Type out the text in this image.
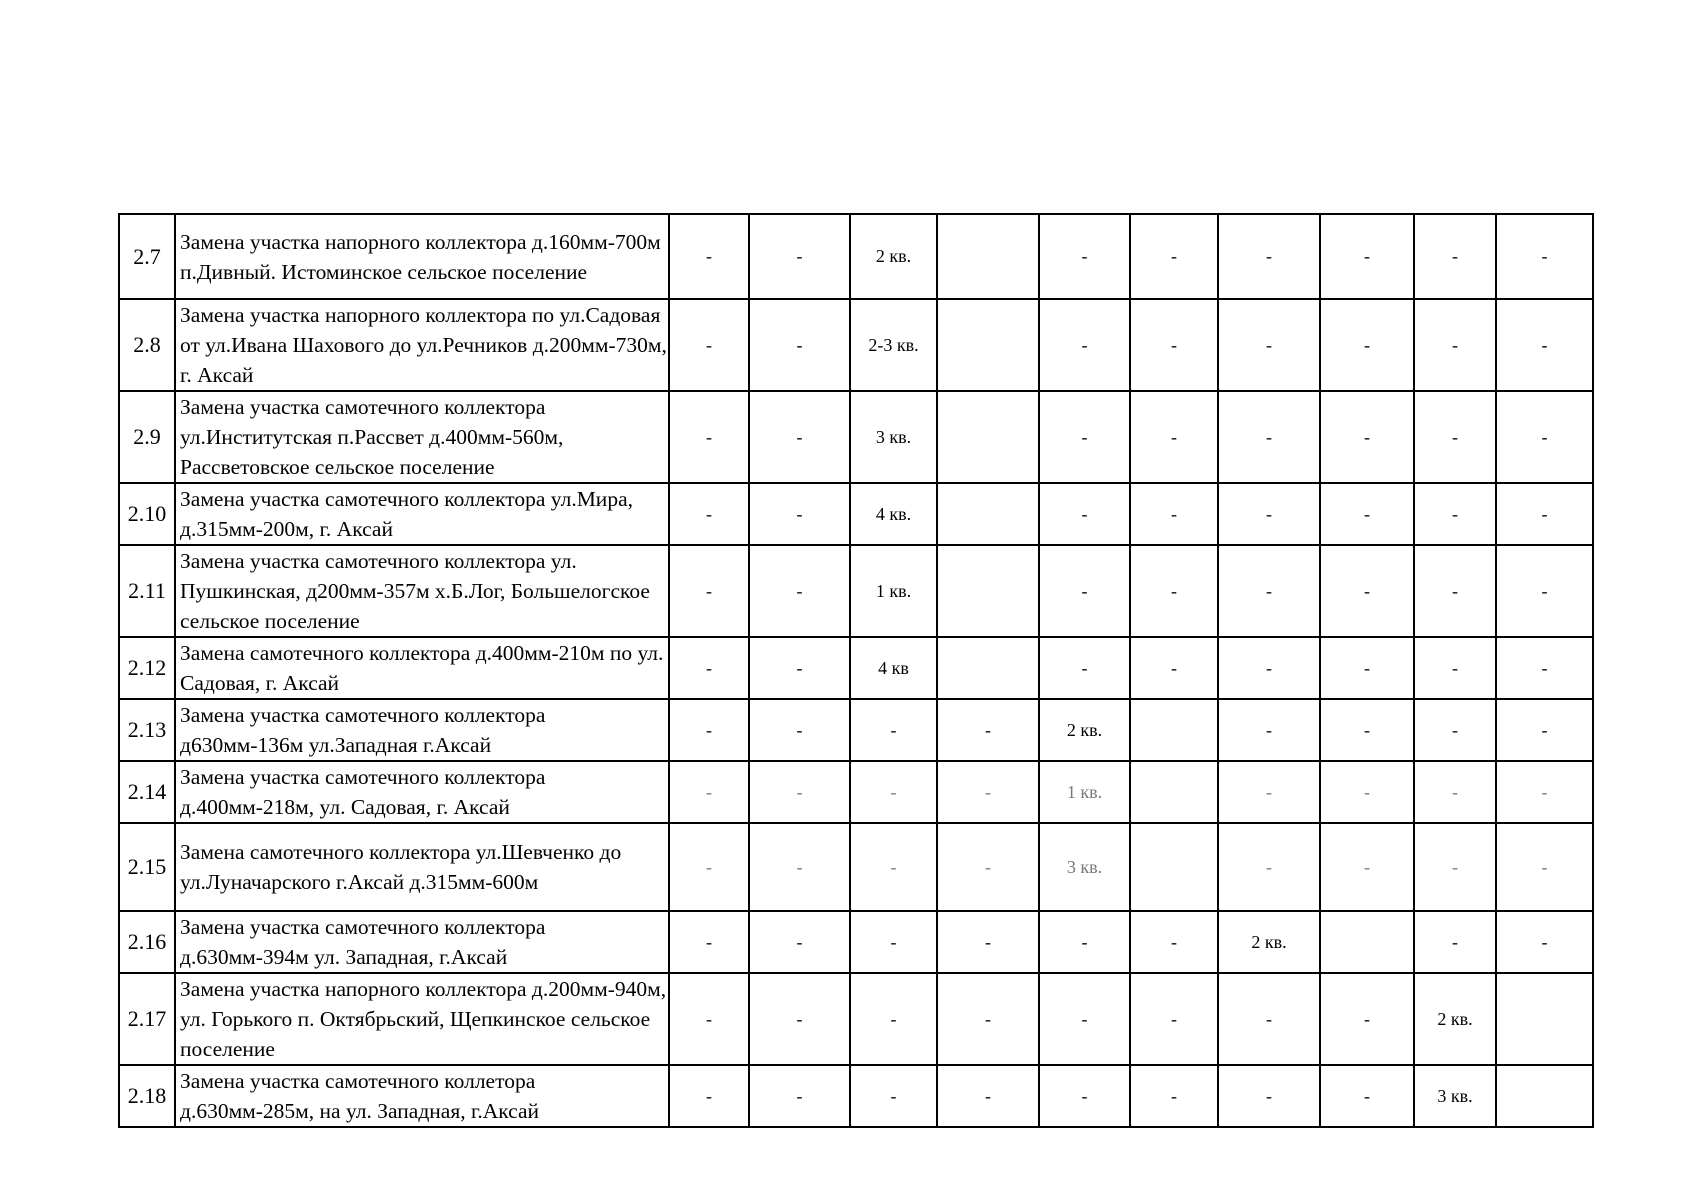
2.7	Замена участка напорного коллектора д.160мм-700м п.Дивный. Истоминское сельское поселение	-	-	2 кв.		-	-	-	-	-	-
2.8	Замена участка напорного коллектора по ул.Садовая от ул.Ивана Шахового до ул.Речников д.200мм-730м, г. Аксай	-	-	2-3 кв.		-	-	-	-	-	-
2.9	Замена участка самотечного коллектора ул.Институтская п.Рассвет д.400мм-560м, Рассветовское сельское поселение	-	-	3 кв.		-	-	-	-	-	-
2.10	Замена участка самотечного коллектора ул.Мира, д.315мм-200м, г. Аксай	-	-	4 кв.		-	-	-	-	-	-
2.11	Замена участка самотечного коллектора ул. Пушкинская, д200мм-357м х.Б.Лог, Большелогское сельское поселение	-	-	1 кв.		-	-	-	-	-	-
2.12	Замена самотечного коллектора д.400мм-210м по ул. Садовая, г. Аксай	-	-	4 кв		-	-	-	-	-	-
2.13	Замена участка самотечного коллектора д630мм-136м ул.Западная г.Аксай	-	-	-	-	2 кв.		-	-	-	-
2.14	Замена участка самотечного коллектора д.400мм-218м, ул. Садовая, г. Аксай	-	-	-	-	1 кв.		-	-	-	-
2.15	Замена самотечного коллектора ул.Шевченко до ул.Луначарского г.Аксай д.315мм-600м	-	-	-	-	3 кв.		-	-	-	-
2.16	Замена участка самотечного коллектора д.630мм-394м ул. Западная, г.Аксай	-	-	-	-	-	-	2 кв.		-	-
2.17	Замена участка напорного коллектора д.200мм-940м, ул. Горького п. Октябрьский, Щепкинское сельское поселение	-	-	-	-	-	-	-	-	2 кв.	
2.18	Замена участка самотечного коллетора д.630мм-285м, на ул. Западная, г.Аксай	-	-	-	-	-	-	-	-	3 кв.	
